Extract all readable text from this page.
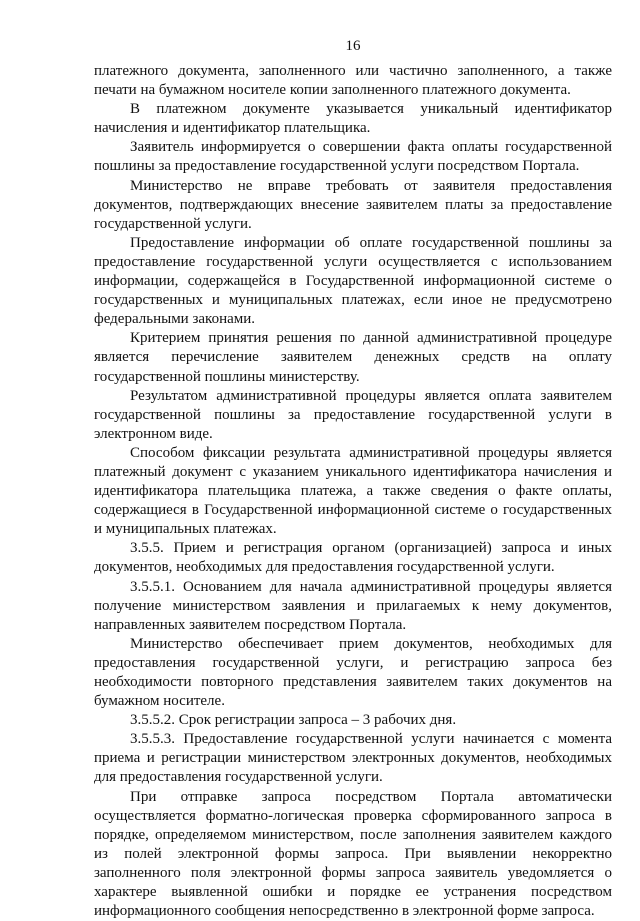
16

платежного документа, заполненного или частично заполненного, а также печати на бумажном носителе копии заполненного платежного документа.

В платежном документе указывается уникальный идентификатор начисления и идентификатор плательщика.

Заявитель информируется о совершении факта оплаты государственной пошлины за предоставление государственной услуги посредством Портала.

Министерство не вправе требовать от заявителя предоставления документов, подтверждающих внесение заявителем платы за предоставление государственной услуги.

Предоставление информации об оплате государственной пошлины за предоставление государственной услуги осуществляется с использованием информации, содержащейся в Государственной информационной системе о государственных и муниципальных платежах, если иное не предусмотрено федеральными законами.

Критерием принятия решения по данной административной процедуре является перечисление заявителем денежных средств на оплату государственной пошлины министерству.

Результатом административной процедуры является оплата заявителем государственной пошлины за предоставление государственной услуги в электронном виде.

Способом фиксации результата административной процедуры является платежный документ с указанием уникального идентификатора начисления и идентификатора плательщика платежа, а также сведения о факте оплаты, содержащиеся в Государственной информационной системе о государственных и муниципальных платежах.

3.5.5. Прием и регистрация органом (организацией) запроса и иных документов, необходимых для предоставления государственной услуги.

3.5.5.1. Основанием для начала административной процедуры является получение министерством заявления и прилагаемых к нему документов, направленных заявителем посредством Портала.

Министерство обеспечивает прием документов, необходимых для предоставления государственной услуги, и регистрацию запроса без необходимости повторного представления заявителем таких документов на бумажном носителе.

3.5.5.2. Срок регистрации запроса – 3 рабочих дня.

3.5.5.3. Предоставление государственной услуги начинается с момента приема и регистрации министерством электронных документов, необходимых для предоставления государственной услуги.

При отправке запроса посредством Портала автоматически осуществляется форматно-логическая проверка сформированного запроса в порядке, определяемом министерством, после заполнения заявителем каждого из полей электронной формы запроса. При выявлении некорректно заполненного поля электронной формы запроса заявитель уведомляется о характере выявленной ошибки и порядке ее устранения посредством информационного сообщения непосредственно в электронной форме запроса.
